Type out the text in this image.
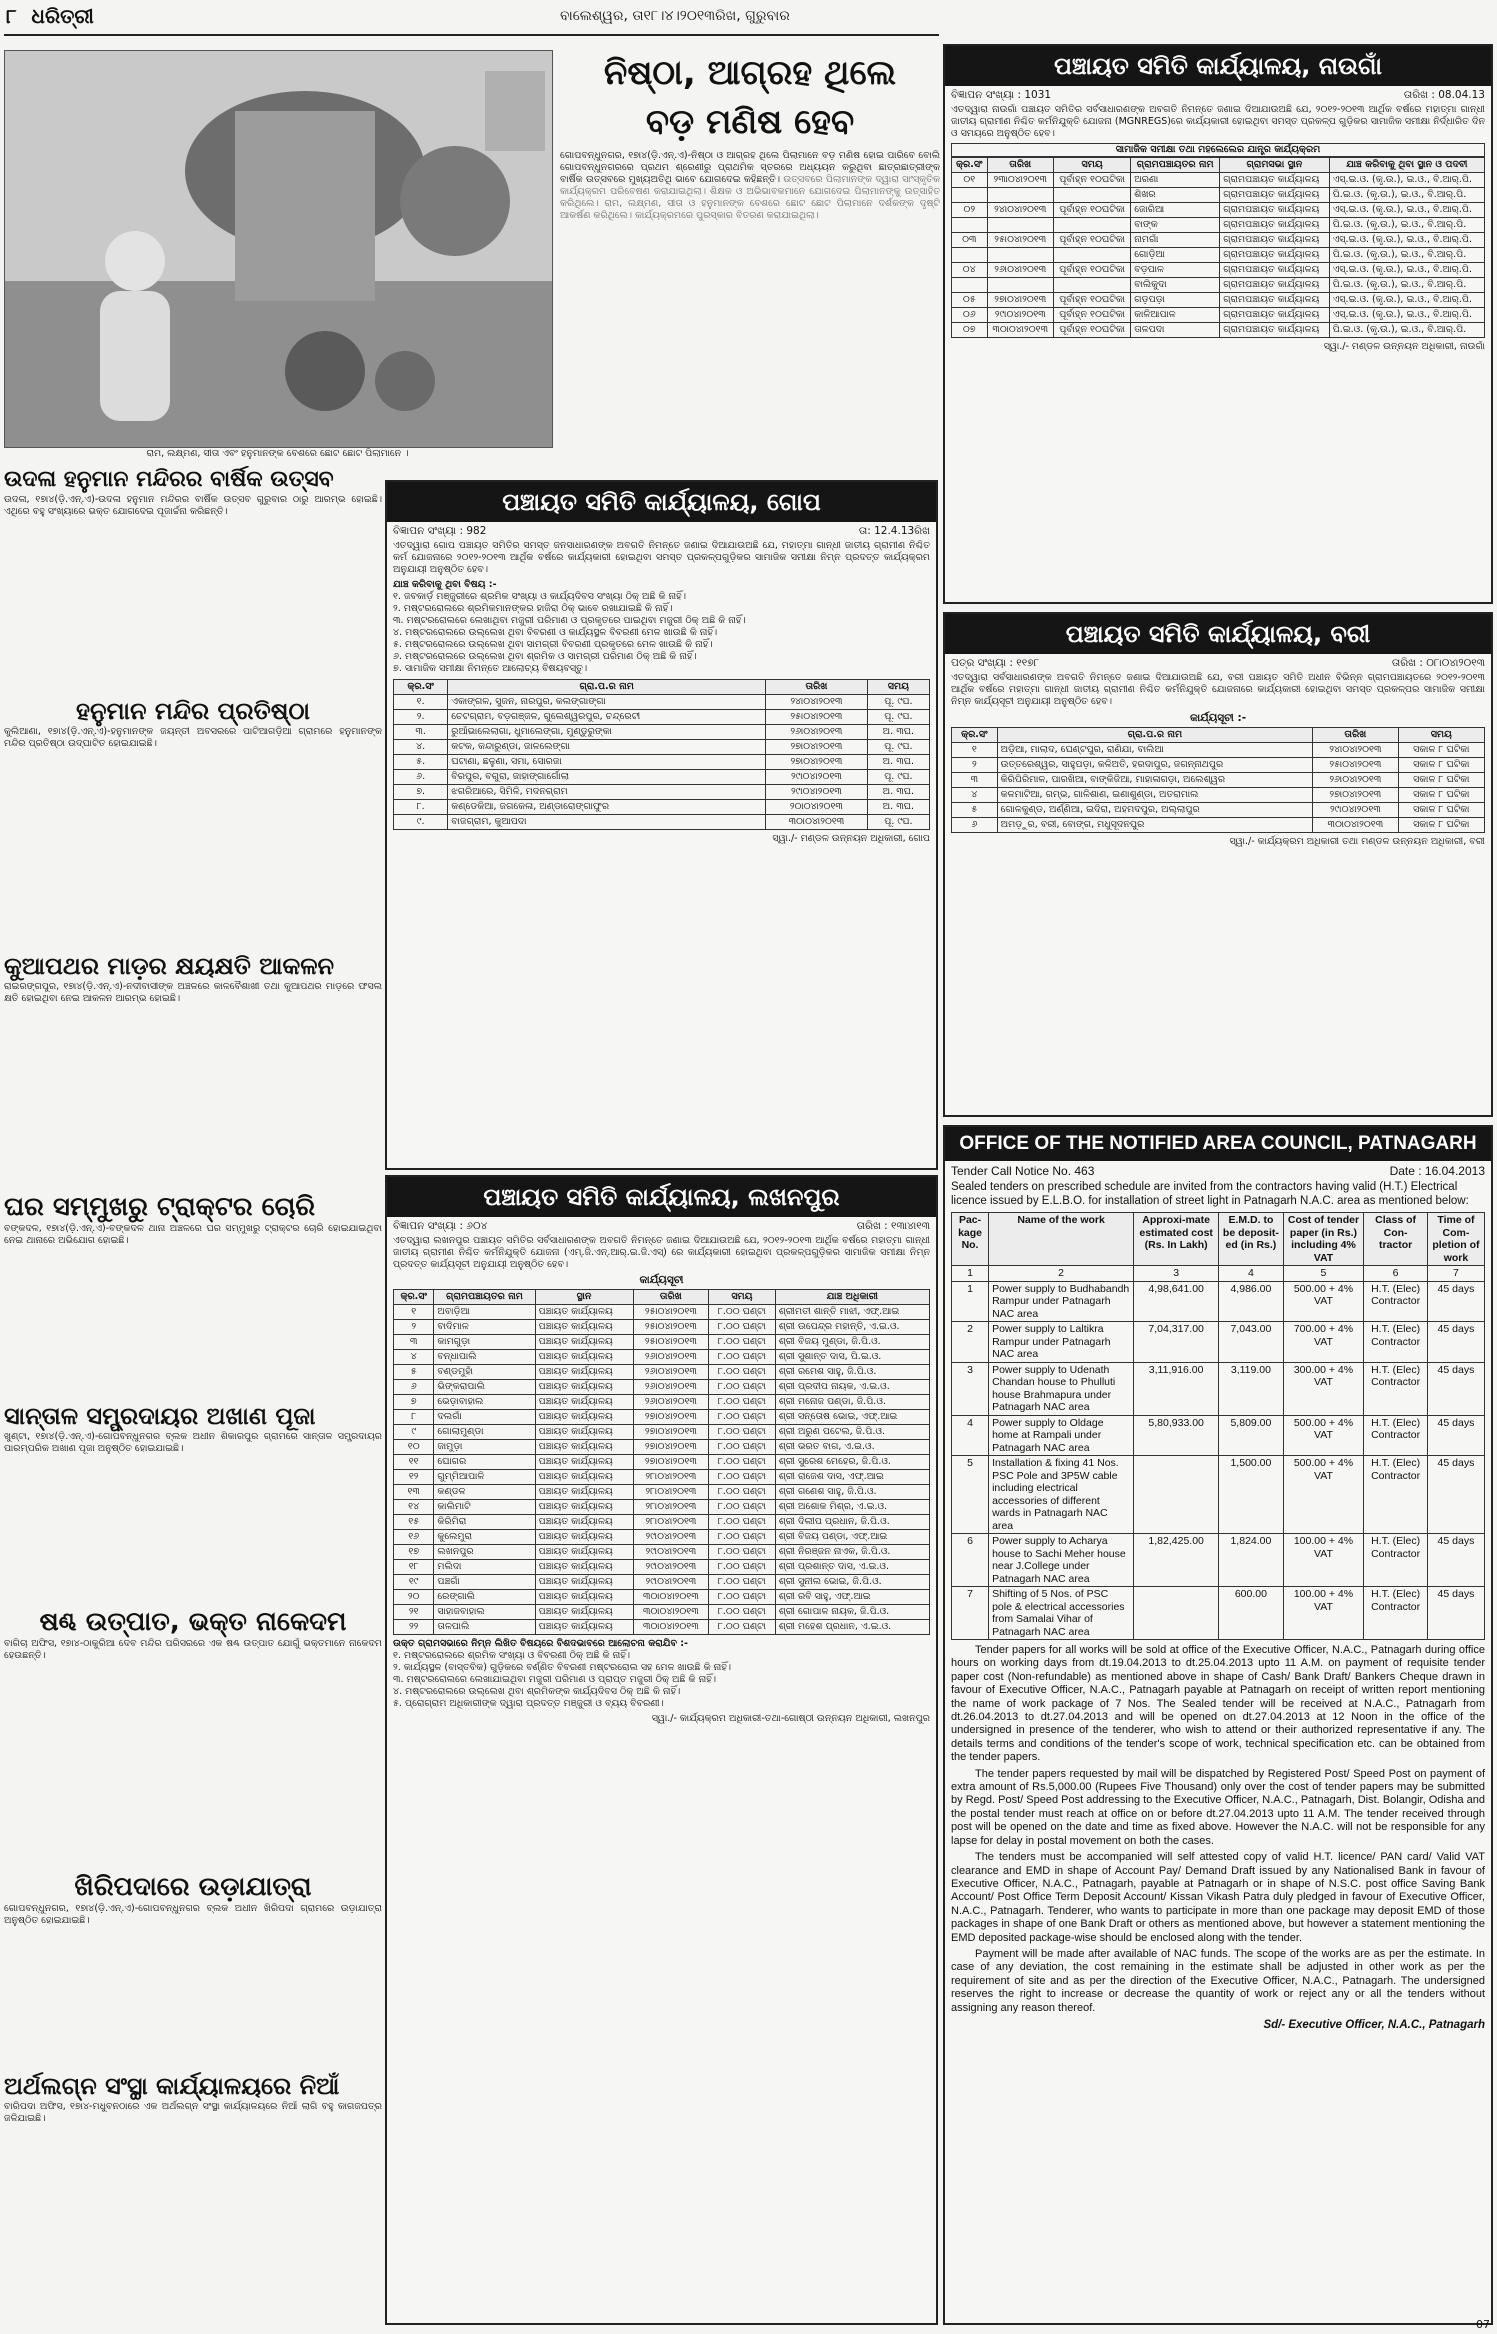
୮ ଧରିତ୍ରୀ	ବାଲେଶ୍ୱର, ତା୧୮।୪।୨୦୧୩ରିଖ, ଗୁରୁବାର
ରାମ, ଲକ୍ଷ୍ମଣ, ସୀତା ଏବଂ ହନୁମାନଙ୍କ ବେଶରେ ଛୋଟ ଛୋଟ ପିଲାମାନେ ।
ନିଷ୍ଠା, ଆଗ୍ରହ ଥିଲେ
ବଡ଼ ମଣିଷ ହେବ
ଗୋପବନ୍ଧୁନଗର, ୧୭ା୪(ଡ଼ି.ଏନ୍‌.ଏ)-ନିଷ୍ଠା ଓ ଆଗ୍ରହ ଥିଲେ ପିଲାମାନେ ବଡ଼ ମଣିଷ ହୋଇ ପାରିବେ ବୋଲି ଗୋପବନ୍ଧୁନଗରରେ ପ୍ରଥମ ଶ୍ରେଣୀରୁ ପ୍ରାଥମିକ ସ୍ତରରେ ଅଧ୍ୟୟନ କରୁଥିବା ଛାତ୍ରଛାତ୍ରୀଙ୍କ ବାର୍ଷିକ ଉତ୍ସବରେ ମୁଖ୍ୟଅତିଥି ଭାବେ ଯୋଗଦେଇ କହିଛନ୍ତି। ଉତ୍ସବରେ ପିଲାମାନଙ୍କ ଦ୍ୱାରା ସାଂସ୍କୃତିକ କାର୍ଯ୍ୟକ୍ରମ ପରିବେଷଣ କରାଯାଇଥିଲା। ଶିକ୍ଷକ ଓ ଅଭିଭାବକମାନେ ଯୋଗଦେଇ ପିଲାମାନଙ୍କୁ ଉତ୍ସାହିତ କରିଥିଲେ। ରାମ, ଲକ୍ଷ୍ମଣ, ସୀତା ଓ ହନୁମାନଙ୍କ ବେଶରେ ଛୋଟ ଛୋଟ ପିଲାମାନେ ଦର୍ଶକଙ୍କ ଦୃଷ୍ଟି ଆକର୍ଷଣ କରିଥିଲେ। କାର୍ଯ୍ୟକ୍ରମରେ ପୁରସ୍କାର ବିତରଣ କରାଯାଇଥିଲା।
ଉଦଳା ହନୁମାନ ମନ୍ଦିରର ବାର୍ଷିକ ଉତ୍ସବ
ଉଦଳା, ୧୭ା୪(ଡ଼ି.ଏନ୍‌.ଏ)-ଉଦଳା ହନୁମାନ ମନ୍ଦିରର ବାର୍ଷିକ ଉତ୍ସବ ଗୁରୁବାର ଠାରୁ ଆରମ୍ଭ ହୋଇଛି। ଏଥିରେ ବହୁ ସଂଖ୍ୟାରେ ଭକ୍ତ ଯୋଗଦେଇ ପୂଜାର୍ଚ୍ଚନା କରିଛନ୍ତି।
ହନୁମାନ ମନ୍ଦିର ପ୍ରତିଷ୍ଠା
କୁଲିଆଣା, ୧୭ା୪(ଡ଼ି.ଏନ୍‌.ଏ)-ହନୁମାନଙ୍କ ଜୟନ୍ତୀ ଅବସରରେ ପାଟିଆଗଡ଼ିଆ ଗ୍ରାମରେ ହନୁମାନଙ୍କ ମନ୍ଦିର ପ୍ରତିଷ୍ଠା ଉଦ୍‌ଘାଟିତ ହୋଇଯାଇଛି।
କୁଆପଥର ମାଡ଼ର କ୍ଷୟକ୍ଷତି ଆକଳନ
ରାଇରଙ୍ଗପୁର, ୧୭ା୪(ଡ଼ି.ଏନ୍‌.ଏ)-ନଦୀବାସୀଙ୍କ ଅଞ୍ଚଳରେ କାଳବୈଶାଖୀ ତଥା କୁଆପଥର ମାଡ଼ରେ ଫସଲ କ୍ଷତି ହୋଇଥିବା ନେଇ ଆକଳନ ଆରମ୍ଭ ହୋଇଛି।
ଘର ସମ୍ମୁଖରୁ ଟ୍ରାକ୍ଟର ଚୋରି
ବଙ୍କଦଳ, ୧୭ା୪(ଡ଼ି.ଏନ୍‌.ଏ)-ବଙ୍କଦଳ ଥାନା ଅଞ୍ଚଳରେ ଘର ସମ୍ମୁଖରୁ ଟ୍ରାକ୍ଟର ଚୋରି ହୋଇଯାଇଥିବା ନେଇ ଥାନାରେ ଅଭିଯୋଗ ହୋଇଛି।
ସାନ୍ତାଳ ସମ୍ପ୍ରଦାୟର ଅଖାଣ ପୂଜା
ଖୁଣ୍ଟା, ୧୭ା୪(ଡ଼ି.ଏନ୍‌.ଏ)-ଗୋପବନ୍ଧୁନଗର ବ୍ଲକ ଅଧୀନ ଶିକାରପୁର ଗ୍ରାମରେ ସାନ୍ତାଳ ସମ୍ପ୍ରଦାୟର ପାରମ୍ପରିକ ଅଖାଣ ପୂଜା ଅନୁଷ୍ଠିତ ହୋଇଯାଇଛି।
ଷଣ୍ଢ ଉତ୍ପାତ, ଭକ୍ତ ନାକେଦମ
ବାଗିଚା ଅଫିସ, ୧୭ା୪-ଠାକୁରିଆ ଦେବ ମନ୍ଦିର ପରିସରରେ ଏକ ଷଣ୍ଢ ଉତ୍ପାତ ଯୋଗୁଁ ଭକ୍ତମାନେ ନାକେଦମ ହେଉଛନ୍ତି।
ଖିରିପଦାରେ ଉଡ଼ାଯାତ୍ରା
ଗୋପବନ୍ଧୁନଗର, ୧୭ା୪(ଡ଼ି.ଏନ୍‌.ଏ)-ଗୋପବନ୍ଧୁନଗର ବ୍ଲକ ଅଧୀନ ଖିରିପଦା ଗ୍ରାମରେ ଉଡ଼ାଯାତ୍ରା ଅନୁଷ୍ଠିତ ହୋଇଯାଇଛି।
ଅର୍ଥଲଗ୍ନ ସଂସ୍ଥା କାର୍ଯ୍ୟାଳୟରେ ନିଆଁ
ବାରିପଦା ଅଫିସ, ୧୭ା୪-ମଧୁବନଠାରେ ଏକ ଅର୍ଥଲଗ୍ନ ସଂସ୍ଥା କାର୍ଯ୍ୟାଳୟରେ ନିଆଁ ଲାଗି ବହୁ କାଗଜପତ୍ର ଜଳିଯାଇଛି।
ପଞ୍ଚାୟତ ସମିତି କାର୍ଯ୍ୟାଳୟ, ଗୋପ
ବିଜ୍ଞାପନ ସଂଖ୍ୟା : 982	ତା: 12.4.13ରିଖ
ଏତଦ୍ୱାରା ଗୋପ ପଞ୍ଚାୟତ ସମିତିର ସମସ୍ତ ଜନସାଧାରଣଙ୍କ ଅବଗତି ନିମନ୍ତେ ଜଣାଇ ଦିଆଯାଉଅଛି ଯେ, ମହାତ୍ମା ଗାନ୍ଧୀ ଜାତୀୟ ଗ୍ରାମୀଣ ନିଶ୍ଚିତ କର୍ମ ଯୋଜନାରେ ୨୦୧୨-୨୦୧୩ ଆର୍ଥିକ ବର୍ଷରେ କାର୍ଯ୍ୟକାରୀ ହୋଇଥିବା ସମସ୍ତ ପ୍ରକଳ୍ପଗୁଡ଼ିକର ସାମାଜିକ ସମୀକ୍ଷା ନିମ୍ନ ପ୍ରଦତ୍ତ କାର୍ଯ୍ୟକ୍ରମ ଅନୁଯାୟୀ ଅନୁଷ୍ଠିତ ହେବ।
ଯାଞ୍ଚ କରିବାକୁ ଥିବା ବିଷୟ :-
୧. ଜବକାର୍ଡ଼ ମଞ୍ଜୁରୀରେ ଶ୍ରମିକ ସଂଖ୍ୟା ଓ କାର୍ଯ୍ୟଦିବସ ସଂଖ୍ୟା ଠିକ୍ ଅଛି କି ନାହିଁ।
୨. ମଷ୍ଟରରୋଲରେ ଶ୍ରମିକମାନଙ୍କର ହାଜିରା ଠିକ୍ ଭାବେ ରଖାଯାଇଛି କି ନାହିଁ।
୩. ମଷ୍ଟରରୋଲରେ ଲେଖାଥିବା ମଜୁରୀ ପରିମାଣ ଓ ପ୍ରକୃତରେ ପାଇଥିବା ମଜୁରୀ ଠିକ୍ ଅଛି କି ନାହିଁ।
୪. ମଷ୍ଟରରୋଲରେ ଉଲ୍ଲେଖ ଥିବା ବିବରଣୀ ଓ କାର୍ଯ୍ୟସ୍ଥଳ ବିବରଣୀ ମେଳ ଖାଉଛି କି ନାହିଁ।
୫. ମଷ୍ଟରରୋଲରେ ଉଲ୍ଲେଖ ଥିବା ସାମଗ୍ରୀ ବିବରଣୀ ପ୍ରକୃତରେ ମେଳ ଖାଉଛି କି ନାହିଁ।
୬. ମଷ୍ଟରରୋଲରେ ଉଲ୍ଲେଖ ଥିବା ଶ୍ରମିକ ଓ ସାମଗ୍ରୀ ପରିମାଣ ଠିକ୍ ଅଛି କି ନାହିଁ।
୭. ସାମାଜିକ ସମୀକ୍ଷା ନିମନ୍ତେ ଆଲୋଚ୍ୟ ବିଷୟବସ୍ତୁ।
କ୍ର.ସଂ	ଗ୍ରା.ପ.ର ନାମ	ତାରିଖ	ସମୟ
୧.	ଏକାଙ୍ଗଳ, ସୁଜନ, ନାରପୁର, କଲଙ୍ଗାଙ୍ଗା	୨୪ା୦୪ା୨୦୧୩	ପୂ. ୯ଘ.
୨.	ଚେଟଗ୍ରାମ, ବଡ଼ଗଞ୍ଜଳ, ଗୁଲେଶ୍ୱରପୁର, ଚନ୍ଦ୍ରେଟୀ	୨୫ା୦୪ା୨୦୧୩	ପୂ. ୯ଘ.
୩.	ରୁଆଁଭାଲେଲାଗା, ଧୁମାଲେଙ୍ଗା, ମୁଣ୍ଡୁରୁଙ୍କା	୨୬ା୦୪ା୨୦୧୩	ଅ. ୩ଘ.
୪.	କଟକ, କନ୍ଦାରୁଣ୍ଡା, ଜାଳଲେଙ୍ଗା	୨୭ା୦୪ା୨୦୧୩	ପୂ. ୯ଘ.
୫.	ଘଟାଣା, ଛଳୁଣା, ସମା, ସୋରଜା	୨୭ା୦୪ା୨୦୧୩	ଅ. ୩ଘ.
୬.	ବିରପୁର, ବଗୁରା, ଜାହାଙ୍ଗାର୍ଗୋଲା	୨୯ା୦୪ା୨୦୧୩	ପୂ. ୯ଘ.
୭.	ଝଗରିଆରେ, ସିମିଳି, ମଦନଗ୍ରାମ	୨୯ା୦୪ା୨୦୧୩	ଅ. ୩ଘ.
୮.	କଣ୍ଡେକିଆ, ଜଗକେଳା, ଅଣ୍ଡାରୋଙ୍ଗାଫୁର	୨୦ା୦୪ା୨୦୧୩	ଅ. ୩ଘ.
୯.	ବାଜଗ୍ରାମ, କୁଆପଦା	୩୦ା୦୪ା୨୦୧୩	ପୂ. ୯ଘ.
ସ୍ୱା./- ମଣ୍ଡଳ ଉନ୍ନୟନ ଅଧିକାରୀ, ଗୋପ
ପଞ୍ଚାୟତ ସମିତି କାର୍ଯ୍ୟାଳୟ, ଲଖନପୁର
ବିଜ୍ଞାପନ ସଂଖ୍ୟା : ୬୦୪	ତାରିଖ : ୧୩ା୪ା୧୩
ଏତଦ୍ୱାରା ଲଖନପୁର ପଞ୍ଚାୟତ ସମିତିର ସର୍ବସାଧାରଣଙ୍କ ଅବଗତି ନିମନ୍ତେ ଜଣାଇ ଦିଆଯାଉଅଛି ଯେ, ୨୦୧୨-୨୦୧୩ ଆର୍ଥିକ ବର୍ଷରେ ମହାତ୍ମା ଗାନ୍ଧୀ ଜାତୀୟ ଗ୍ରାମୀଣ ନିଶ୍ଚିତ କର୍ମନିଯୁକ୍ତି ଯୋଜନା (ଏମ୍.ଜି.ଏନ୍.ଆର୍.ଇ.ଜି.ଏସ୍) ରେ କାର୍ଯ୍ୟକାରୀ ହୋଇଥିବା ପ୍ରକଳ୍ପଗୁଡ଼ିକର ସାମାଜିକ ସମୀକ୍ଷା ନିମ୍ନ ପ୍ରଦତ୍ତ କାର୍ଯ୍ୟସୂଚୀ ଅନୁଯାୟୀ ଅନୁଷ୍ଠିତ ହେବ।
କାର୍ଯ୍ୟସୂଚୀ
କ୍ର.ସଂ	ଗ୍ରାମପଞ୍ଚାୟତର ନାମ	ସ୍ଥାନ	ତାରିଖ	ସମୟ	ଯାଞ୍ଚ ଅଧିକାରୀ
୧	ଅବାଡ଼ିଆ	ପଞ୍ଚାୟତ କାର୍ଯ୍ୟାଳୟ	୨୫ା୦୪ା୨୦୧୩	୮.୦୦ ଘଣ୍ଟା	ଶ୍ରୀମତୀ ଶାନ୍ତି ମାଝୀ, ଏଫ୍.ଆଇ
୨	ବାଦିମାଳ	ପଞ୍ଚାୟତ କାର୍ଯ୍ୟାଳୟ	୨୫ା୦୪ା୨୦୧୩	୮.୦୦ ଘଣ୍ଟା	ଶ୍ରୀ ଉପେନ୍ଦ୍ର ମହାନ୍ତି, ଏ.ଇ.ଓ.
୩	କାମଗୁଡ଼ା	ପଞ୍ଚାୟତ କାର୍ଯ୍ୟାଳୟ	୨୫ା୦୪ା୨୦୧୩	୮.୦୦ ଘଣ୍ଟା	ଶ୍ରୀ ବିଜୟ ମୁଣ୍ଡା, ଜି.ପି.ଓ.
୪	ବନ୍ଧାପାଲି	ପଞ୍ଚାୟତ କାର୍ଯ୍ୟାଳୟ	୨୬ା୦୪ା୨୦୧୩	୮.୦୦ ଘଣ୍ଟା	ଶ୍ରୀ ସୁଶାନ୍ତ ଦାସ, ପି.ଇ.ଓ.
୫	ବଣ୍ଡମୁହାଁ	ପଞ୍ଚାୟତ କାର୍ଯ୍ୟାଳୟ	୨୬ା୦୪ା୨୦୧୩	୮.୦୦ ଘଣ୍ଟା	ଶ୍ରୀ ରମେଶ ସାହୁ, ଜି.ପି.ଓ.
୬	ଭିଙ୍କରାପାଲି	ପଞ୍ଚାୟତ କାର୍ଯ୍ୟାଳୟ	୨୬ା୦୪ା୨୦୧୩	୮.୦୦ ଘଣ୍ଟା	ଶ୍ରୀ ପ୍ରଦୀପ ନାୟକ, ଏ.ଇ.ଓ.
୭	ଭେଡ଼ାବାହାଲ	ପଞ୍ଚାୟତ କାର୍ଯ୍ୟାଳୟ	୨୬ା୦୪ା୨୦୧୩	୮.୦୦ ଘଣ୍ଟା	ଶ୍ରୀ ମନୋଜ ପଣ୍ଡା, ଜି.ପି.ଓ.
୮	ଦଲଗାଁ	ପଞ୍ଚାୟତ କାର୍ଯ୍ୟାଳୟ	୨୭ା୦୪ା୨୦୧୩	୮.୦୦ ଘଣ୍ଟା	ଶ୍ରୀ ସନ୍ତୋଷ ଭୋଇ, ଏଫ୍.ଆଇ
୯	ଗୋଲାମୁଣ୍ଡା	ପଞ୍ଚାୟତ କାର୍ଯ୍ୟାଳୟ	୨୭ା୦୪ା୨୦୧୩	୮.୦୦ ଘଣ୍ଟା	ଶ୍ରୀ ଅରୁଣ ପଟେଲ, ଜି.ପି.ଓ.
୧୦	ଜାମୁଡ଼ା	ପଞ୍ଚାୟତ କାର୍ଯ୍ୟାଳୟ	୨୭ା୦୪ା୨୦୧୩	୮.୦୦ ଘଣ୍ଟା	ଶ୍ରୀ ଭରତ ବାଗ, ଏ.ଇ.ଓ.
୧୧	ଘୋଗର	ପଞ୍ଚାୟତ କାର୍ଯ୍ୟାଳୟ	୨୭ା୦୪ା୨୦୧୩	୮.୦୦ ଘଣ୍ଟା	ଶ୍ରୀ ସୁରେଶ ମେହେର, ଜି.ପି.ଓ.
୧୨	ଗୁମ୍ମିଆପାଳି	ପଞ୍ଚାୟତ କାର୍ଯ୍ୟାଳୟ	୨୮ା୦୪ା୨୦୧୩	୮.୦୦ ଘଣ୍ଟା	ଶ୍ରୀ ରାଜେଶ ଦାସ, ଏଫ୍.ଆଇ
୧୩	କଣ୍ଡଳ	ପଞ୍ଚାୟତ କାର୍ଯ୍ୟାଳୟ	୨୮ା୦୪ା୨୦୧୩	୮.୦୦ ଘଣ୍ଟା	ଶ୍ରୀ ଗଣେଶ ସାହୁ, ଜି.ପି.ଓ.
୧୪	କାଲିମାଟି	ପଞ୍ଚାୟତ କାର୍ଯ୍ୟାଳୟ	୨୮ା୦୪ା୨୦୧୩	୮.୦୦ ଘଣ୍ଟା	ଶ୍ରୀ ଅଶୋକ ମିଶ୍ର, ଏ.ଇ.ଓ.
୧୫	କିରିମିରା	ପଞ୍ଚାୟତ କାର୍ଯ୍ୟାଳୟ	୨୮ା୦୪ା୨୦୧୩	୮.୦୦ ଘଣ୍ଟା	ଶ୍ରୀ ଦିଲୀପ ପ୍ରଧାନ, ଜି.ପି.ଓ.
୧୬	କୁଲେମୁରା	ପଞ୍ଚାୟତ କାର୍ଯ୍ୟାଳୟ	୨୯ା୦୪ା୨୦୧୩	୮.୦୦ ଘଣ୍ଟା	ଶ୍ରୀ ବିଜୟ ପଣ୍ଡା, ଏଫ୍.ଆଇ
୧୭	ଲଖନପୁର	ପଞ୍ଚାୟତ କାର୍ଯ୍ୟାଳୟ	୨୯ା୦୪ା୨୦୧୩	୮.୦୦ ଘଣ୍ଟା	ଶ୍ରୀ ନିରଞ୍ଜନ ନାଏକ, ଜି.ପି.ଓ.
୧୮	ମଲିଦା	ପଞ୍ଚାୟତ କାର୍ଯ୍ୟାଳୟ	୨୯ା୦୪ା୨୦୧୩	୮.୦୦ ଘଣ୍ଟା	ଶ୍ରୀ ପ୍ରଶାନ୍ତ ଦାସ, ଏ.ଇ.ଓ.
୧୯	ପଞ୍ଚଗାଁ	ପଞ୍ଚାୟତ କାର୍ଯ୍ୟାଳୟ	୨୯ା୦୪ା୨୦୧୩	୮.୦୦ ଘଣ୍ଟା	ଶ୍ରୀ ସୁନୀଲ ଭୋଇ, ଜି.ପି.ଓ.
୨୦	ରେଙ୍ଗାଲି	ପଞ୍ଚାୟତ କାର୍ଯ୍ୟାଳୟ	୩୦ା୦୪ା୨୦୧୩	୮.୦୦ ଘଣ୍ଟା	ଶ୍ରୀ ରବି ସାହୁ, ଏଫ୍.ଆଇ
୨୧	ସାହାଜବାହାଲ	ପଞ୍ଚାୟତ କାର୍ଯ୍ୟାଳୟ	୩୦ା୦୪ା୨୦୧୩	୮.୦୦ ଘଣ୍ଟା	ଶ୍ରୀ ଗୋପାଳ ନାୟକ, ଜି.ପି.ଓ.
୨୨	ତାଳପାଲି	ପଞ୍ଚାୟତ କାର୍ଯ୍ୟାଳୟ	୩୦ା୦୪ା୨୦୧୩	୮.୦୦ ଘଣ୍ଟା	ଶ୍ରୀ ମହେଶ ପ୍ରଧାନ, ଏ.ଇ.ଓ.
ଉକ୍ତ ଗ୍ରାମସଭାରେ ନିମ୍ନ ଲିଖିତ ବିଷୟରେ ବିଶଦଭାବରେ ଆଲୋଚନା କରାଯିବ :-
୧. ମଷ୍ଟରରୋଲରେ ଶ୍ରମିକ ସଂଖ୍ୟା ଓ ବିବରଣୀ ଠିକ୍ ଅଛି କି ନାହିଁ।
୨. କାର୍ଯ୍ୟସ୍ଥଳ (ବାସ୍ତବିକ) ଗୁଡ଼ିକରେ ବର୍ଣ୍ଣିତ ବିବରଣୀ ମଷ୍ଟରରୋଲ ସହ ମେଳ ଖାଉଛି କି ନାହିଁ।
୩. ମଷ୍ଟରରୋଲରେ ଲେଖାଯାଇଥିବା ମଜୁରୀ ପରିମାଣ ଓ ପ୍ରାପ୍ତ ମଜୁରୀ ଠିକ୍ ଅଛି କି ନାହିଁ।
୪. ମଷ୍ଟରରୋଲରେ ଉଲ୍ଲେଖ ଥିବା ଶ୍ରମିକଙ୍କ କାର୍ଯ୍ୟଦିବସ ଠିକ୍ ଅଛି କି ନାହିଁ।
୫. ପ୍ରୋଗ୍ରାମ ଅଧିକାରୀଙ୍କ ଦ୍ୱାରା ପ୍ରଦତ୍ତ ମଞ୍ଜୁରୀ ଓ ବ୍ୟୟ ବିବରଣୀ।
ସ୍ୱା./- କାର୍ଯ୍ୟକ୍ରମ ଅଧିକାରୀ-ତଥା-ଗୋଷ୍ଠୀ ଉନ୍ନୟନ ଅଧିକାରୀ, ଲଖନପୁର
ପଞ୍ଚାୟତ ସମିତି କାର୍ଯ୍ୟାଳୟ, ନାଉଗାଁ
ବିଜ୍ଞାପନ ସଂଖ୍ୟା : 1031	ତାରିଖ : 08.04.13
ଏତଦ୍ୱାରା ନାଉଗାଁ ପଞ୍ଚାୟତ ସମିତିର ସର୍ବସାଧାରଣଙ୍କ ଅବଗତି ନିମନ୍ତେ ଜଣାଇ ଦିଆଯାଉଅଛି ଯେ, ୨୦୧୨-୨୦୧୩ ଆର୍ଥିକ ବର୍ଷରେ ମହାତ୍ମା ଗାନ୍ଧୀ ଜାତୀୟ ଗ୍ରାମୀଣ ନିଶ୍ଚିତ କର୍ମନିଯୁକ୍ତି ଯୋଜନା (MGNREGS)ରେ କାର୍ଯ୍ୟକାରୀ ହୋଇଥିବା ସମସ୍ତ ପ୍ରକଳ୍ପ ଗୁଡ଼ିକର ସାମାଜିକ ସମୀକ୍ଷା ନିର୍ଦ୍ଧାରିତ ଦିନ ଓ ସମୟରେ ଅନୁଷ୍ଠିତ ହେବ।
ସାମାଜିକ ସମୀକ୍ଷା ତଥା ମହଲେଲେର ଯାନ୍ତ୍ର କାର୍ଯ୍ୟକ୍ରମ
କ୍ର.ସଂ	ତାରିଖ	ସମୟ	ଗ୍ରାମପଞ୍ଚାୟତର ନାମ	ଗ୍ରାମସଭା ସ୍ଥାନ	ଯାଞ୍ଚ କରିବାକୁ ଥିବା ସ୍ଥାନ ଓ ପଦବୀ
୦୧	୨୩ା୦୪ା୨୦୧୩	ପୂର୍ବାହ୍ନ ୧୦ଘଟିକା	ଅରଣା	ଗ୍ରାମପଞ୍ଚାୟତ କାର୍ଯ୍ୟାଳୟ	ଏସ୍.ଇ.ଓ. (କୃ.ଉ.), ଇ.ଓ., ବି.ଆର୍.ପି.
			ଶିଖର	ଗ୍ରାମପଞ୍ଚାୟତ କାର୍ଯ୍ୟାଳୟ	ପି.ଇ.ଓ. (କୃ.ଉ.), ଇ.ଓ., ବି.ଆର୍.ପି.
୦୨	୨୪ା୦୪ା୨୦୧୩	ପୂର୍ବାହ୍ନ ୧୦ଘଟିକା	ଜୋରିଆ	ଗ୍ରାମପଞ୍ଚାୟତ କାର୍ଯ୍ୟାଳୟ	ଏସ୍.ଇ.ଓ. (କୃ.ଉ.), ଇ.ଓ., ବି.ଆର୍.ପି.
			ବାଙ୍କ	ଗ୍ରାମପଞ୍ଚାୟତ କାର୍ଯ୍ୟାଳୟ	ପି.ଇ.ଓ. (କୃ.ଉ.), ଇ.ଓ., ବି.ଆର୍.ପି.
୦୩	୨୫ା୦୪ା୨୦୧୩	ପୂର୍ବାହ୍ନ ୧୦ଘଟିକା	ନାମଗାଁ	ଗ୍ରାମପଞ୍ଚାୟତ କାର୍ଯ୍ୟାଳୟ	ଏସ୍.ଇ.ଓ. (କୃ.ଉ.), ଇ.ଓ., ବି.ଆର୍.ପି.
			ଗୋଡ଼ିଆ	ଗ୍ରାମପଞ୍ଚାୟତ କାର୍ଯ୍ୟାଳୟ	ପି.ଇ.ଓ. (କୃ.ଉ.), ଇ.ଓ., ବି.ଆର୍.ପି.
୦୪	୨୬ା୦୪ା୨୦୧୩	ପୂର୍ବାହ୍ନ ୧୦ଘଟିକା	ବଡ଼ପାଳ	ଗ୍ରାମପଞ୍ଚାୟତ କାର୍ଯ୍ୟାଳୟ	ଏସ୍.ଇ.ଓ. (କୃ.ଉ.), ଇ.ଓ., ବି.ଆର୍.ପି.
			ବାଲିକୁଦା	ଗ୍ରାମପଞ୍ଚାୟତ କାର୍ଯ୍ୟାଳୟ	ପି.ଇ.ଓ. (କୃ.ଉ.), ଇ.ଓ., ବି.ଆର୍.ପି.
୦୫	୨୭ା୦୪ା୨୦୧୩	ପୂର୍ବାହ୍ନ ୧୦ଘଟିକା	ଗଡ଼ପଡ଼ା	ଗ୍ରାମପଞ୍ଚାୟତ କାର୍ଯ୍ୟାଳୟ	ଏସ୍.ଇ.ଓ. (କୃ.ଉ.), ଇ.ଓ., ବି.ଆର୍.ପି.
୦୬	୨୯ା୦୪ା୨୦୧୩	ପୂର୍ବାହ୍ନ ୧୦ଘଟିକା	କାଳିଆପାଳ	ଗ୍ରାମପଞ୍ଚାୟତ କାର୍ଯ୍ୟାଳୟ	ଏସ୍.ଇ.ଓ. (କୃ.ଉ.), ଇ.ଓ., ବି.ଆର୍.ପି.
୦୭	୩୦ା୦୪ା୨୦୧୩	ପୂର୍ବାହ୍ନ ୧୦ଘଟିକା	ତାଳପଦା	ଗ୍ରାମପଞ୍ଚାୟତ କାର୍ଯ୍ୟାଳୟ	ପି.ଇ.ଓ. (କୃ.ଉ.), ଇ.ଓ., ବି.ଆର୍.ପି.
ସ୍ୱା./- ମଣ୍ଡଳ ଉନ୍ନୟନ ଅଧିକାରୀ, ନାଉଗାଁ
ପଞ୍ଚାୟତ ସମିତି କାର୍ଯ୍ୟାଳୟ, ବରୀ
ପତ୍ର ସଂଖ୍ୟା : ୧୧୭୮	ତାରିଖ : ୦୮ା୦୪ା୨୦୧୩
ଏତଦ୍ୱାରା ସର୍ବସାଧାରଣଙ୍କ ଅବଗତି ନିମନ୍ତେ ଜଣାଇ ଦିଆଯାଉଅଛି ଯେ, ବରୀ ପଞ୍ଚାୟତ ସମିତି ଅଧୀନ ବିଭିନ୍ନ ଗ୍ରାମପଞ୍ଚାୟତରେ ୨୦୧୨-୨୦୧୩ ଆର୍ଥିକ ବର୍ଷରେ ମହାତ୍ମା ଗାନ୍ଧୀ ଜାତୀୟ ଗ୍ରାମୀଣ ନିଶ୍ଚିତ କର୍ମନିଯୁକ୍ତି ଯୋଜନାରେ କାର୍ଯ୍ୟକାରୀ ହୋଇଥିବା ସମସ୍ତ ପ୍ରକଳ୍ପର ସାମାଜିକ ସମୀକ୍ଷା ନିମ୍ନ କାର୍ଯ୍ୟସୂଚୀ ଅନୁଯାୟୀ ଅନୁଷ୍ଠିତ ହେବ।
କାର୍ଯ୍ୟସୂଚୀ :-
କ୍ର.ସଂ	ଗ୍ରା.ପ.ର ନାମ	ତାରିଖ	ସମୟ
୧	ଅଡ଼ିଆ, ମାଲାଦ, ଘେଣ୍ଟପୁର, ରାଣିଯା, ବାଲିଆ	୨୪ା୦୪ା୨୦୧୩	ସକାଳ ୮ ଘଟିକା
୨	ଉତ୍ତରେଶ୍ୱର, ସାହୁପଡ଼ା, କଳିଅତି, ହରଦାପୁର, ଜଗନ୍ନାଥପୁର	୨୫ା୦୪ା୨୦୧୩	ସକାଳ ୮ ଘଟିକା
୩	କିରିପିରିମାଳ, ପାରଖିଆ, ବାଙ୍କିଜିଆ, ମାହାଳାଗଡ଼ା, ଅଲେଶ୍ୱର	୨୬ା୦୪ା୨୦୧୩	ସକାଳ ୮ ଘଟିକା
୪	କଳମାଟିଆ, ଗମ୍ଭ, ଗାଳିଶାଣ, ଇଣାଶୁଣ୍ଡା, ଅତରାମାଲ	୨୭ା୦୪ା୨୦୧୩	ସକାଳ ୮ ଘଟିକା
୫	ଗୋଳକୁଣ୍ଡ, ଅର୍ଣ୍ଣିଆ, ଇଦିରା, ଅହମଦପୁର, ଅଲ୍ଲାପୁର	୨୯ା୦୪ା୨୦୧୩	ସକାଳ ୮ ଘଟିକା
୬	ଅମଡ଼ୁର, ବରୀ, ବୋଙ୍ଗ, ମଧୁସୂଦନପୁର	୩୦ା୦୪ା୨୦୧୩	ସକାଳ ୮ ଘଟିକା
ସ୍ୱା./- କାର୍ଯ୍ୟକ୍ରମ ଅଧିକାରୀ ତଥା ମଣ୍ଡଳ ଉନ୍ନୟନ ଅଧିକାରୀ, ବରୀ
OFFICE OF THE NOTIFIED AREA COUNCIL, PATNAGARH
Tender Call Notice No. 463	Date : 16.04.2013
Sealed tenders on prescribed schedule are invited from the contractors having valid (H.T.) Electrical licence issued by E.L.B.O. for installation of street light in Patnagarh N.A.C. area as mentioned below:
Pac-kage No.	Name of the work	Approxi-mate estimated cost (Rs. In Lakh)	E.M.D. to be deposit-ed (in Rs.)	Cost of tender paper (in Rs.) including 4% VAT	Class of Con-tractor	Time of Com-pletion of work
1	2	3	4	5	6	7
1	Power supply to Budhabandh Rampur under Patnagarh NAC area	4,98,641.00	4,986.00	500.00 + 4% VAT	H.T. (Elec) Contractor	45 days
2	Power supply to Laltikra Rampur under Patnagarh NAC area	7,04,317.00	7,043.00	700.00 + 4% VAT	H.T. (Elec) Contractor	45 days
3	Power supply to Udenath Chandan house to Phulluti house Brahmapura under Patnagarh NAC area	3,11,916.00	3,119.00	300.00 + 4% VAT	H.T. (Elec) Contractor	45 days
4	Power supply to Oldage home at Rampali under Patnagarh NAC area	5,80,933.00	5,809.00	500.00 + 4% VAT	H.T. (Elec) Contractor	45 days
5	Installation & fixing 41 Nos. PSC Pole and 3P5W cable including electrical accessories of different wards in Patnagarh NAC area		1,500.00	500.00 + 4% VAT	H.T. (Elec) Contractor	45 days
6	Power supply to Acharya house to Sachi Meher house near J.College under Patnagarh NAC area	1,82,425.00	1,824.00	100.00 + 4% VAT	H.T. (Elec) Contractor	45 days
7	Shifting of 5 Nos. of PSC pole & electrical accessories from Samalai Vihar of Patnagarh NAC area		600.00	100.00 + 4% VAT	H.T. (Elec) Contractor	45 days

Tender papers for all works will be sold at office of the Executive Officer, N.A.C., Patnagarh during office hours on working days from dt.19.04.2013 to dt.25.04.2013 upto 11 A.M. on payment of requisite tender paper cost (Non-refundable) as mentioned above in shape of Cash/ Bank Draft/ Bankers Cheque drawn in favour of Executive Officer, N.A.C., Patnagarh payable at Patnagarh on receipt of written report mentioning the name of work package of 7 Nos. The Sealed tender will be received at N.A.C., Patnagarh from dt.26.04.2013 to dt.27.04.2013 and will be opened on dt.27.04.2013 at 12 Noon in the office of the undersigned in presence of the tenderer, who wish to attend or their authorized representative if any. The details terms and conditions of the tender's scope of work, technical specification etc. can be obtained from the tender papers.

The tender papers requested by mail will be dispatched by Registered Post/ Speed Post on payment of extra amount of Rs.5,000.00 (Rupees Five Thousand) only over the cost of tender papers may be submitted by Regd. Post/ Speed Post addressing to the Executive Officer, N.A.C., Patnagarh, Dist. Bolangir, Odisha and the postal tender must reach at office on or before dt.27.04.2013 upto 11 A.M. The tender received through post will be opened on the date and time as fixed above. However the N.A.C. will not be responsible for any lapse for delay in postal movement on both the cases.

The tenders must be accompanied will self attested copy of valid H.T. licence/ PAN card/ Valid VAT clearance and EMD in shape of Account Pay/ Demand Draft issued by any Nationalised Bank in favour of Executive Officer, N.A.C., Patnagarh, payable at Patnagarh or in shape of N.S.C. post office Saving Bank Account/ Post Office Term Deposit Account/ Kissan Vikash Patra duly pledged in favour of Executive Officer, N.A.C., Patnagarh. Tenderer, who wants to participate in more than one package may deposit EMD of those packages in shape of one Bank Draft or others as mentioned above, but however a statement mentioning the EMD deposited package-wise should be enclosed along with the tender.

Payment will be made after available of NAC funds. The scope of the works are as per the estimate. In case of any deviation, the cost remaining in the estimate shall be adjusted in other work as per the requirement of site and as per the direction of the Executive Officer, N.A.C., Patnagarh. The undersigned reserves the right to increase or decrease the quantity of work or reject any or all the tenders without assigning any reason thereof.

Sd/- Executive Officer, N.A.C., Patnagarh
07
